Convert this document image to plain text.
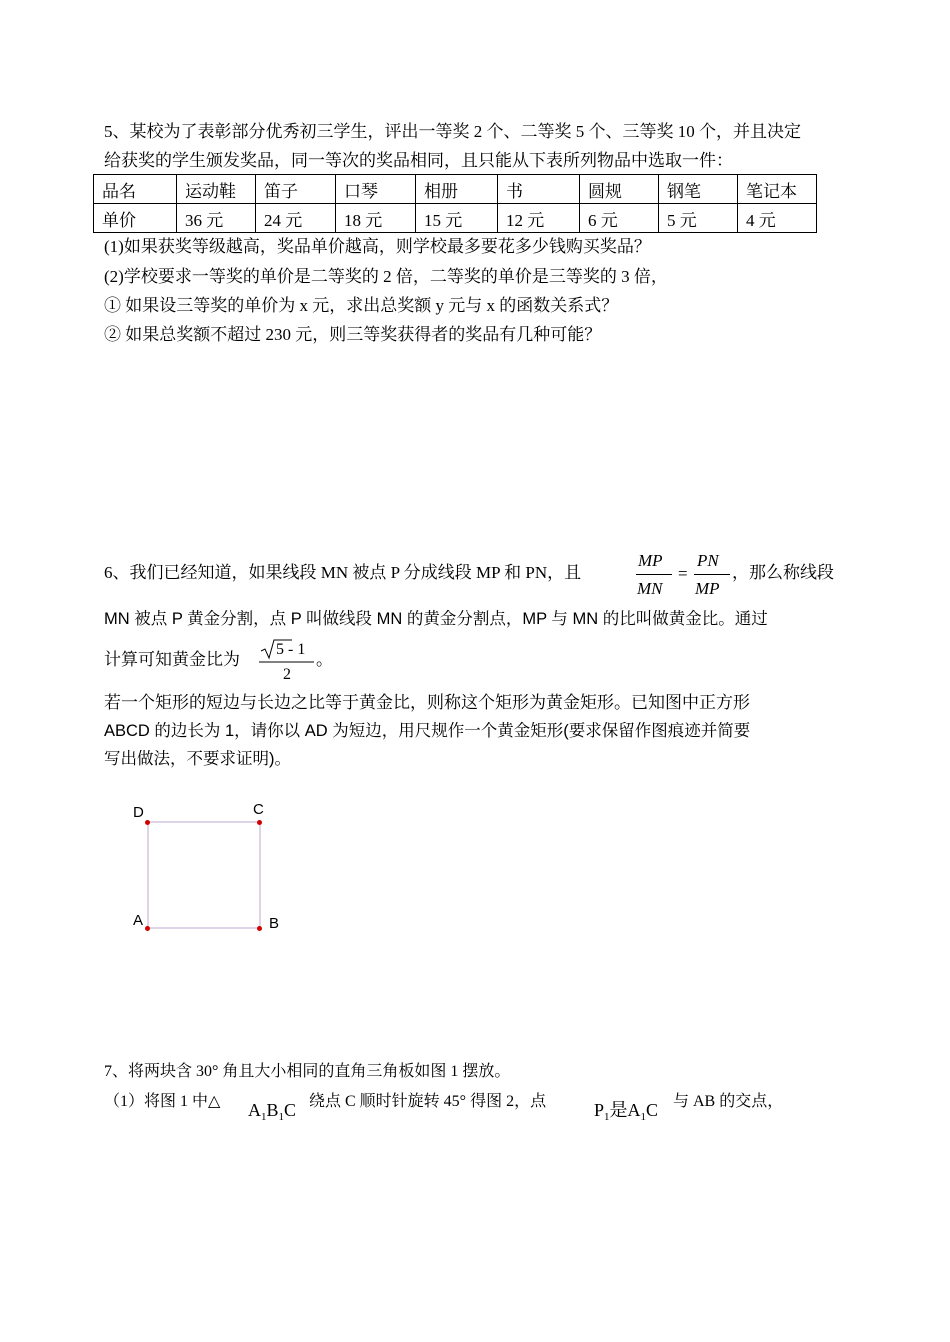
5、某校为了表彰部分优秀初三学生，评出一等奖 2 个、二等奖 5 个、三等奖 10 个，并且决定
给获奖的学生颁发奖品，同一等次的奖品相同，且只能从下表所列物品中选取一件：
品名	运动鞋	笛子	口琴	相册	书	圆规	钢笔	笔记本
单价	36 元	24 元	18 元	15 元	12 元	6 元	5 元	4 元
(1)如果获奖等级越高，奖品单价越高，则学校最多要花多少钱购买奖品？
(2)学校要求一等奖的单价是二等奖的 2 倍，二等奖的单价是三等奖的 3 倍，
① 如果设三等奖的单价为 x 元，求出总奖额 y 元与 x 的函数关系式？
② 如果总奖额不超过 230 元，则三等奖获得者的奖品有几种可能？
6、我们已经知道，如果线段 MN 被点 P 分成线段 MP 和 PN，且
MP
MN
=
PN
MP
，那么称线段
MN 被点 P 黄金分割，点 P 叫做线段 MN 的黄金分割点，MP 与 MN 的比叫做黄金比。通过
计算可知黄金比为
5 - 1
2
。
若一个矩形的短边与长边之比等于黄金比，则称这个矩形为黄金矩形。已知图中正方形
ABCD 的边长为 1，请你以 AD 为短边，用尺规作一个黄金矩形(要求保留作图痕迹并简要
写出做法，不要求证明)。
D	C
A	B
7、将两块含 30° 角且大小相同的直角三角板如图 1 摆放。
（1）将图 1 中△ $A_1B_1C$ 绕点 C 顺时针旋转 45° 得图 2，点	$P_1$是$A_1C$ 与 AB 的交点，
